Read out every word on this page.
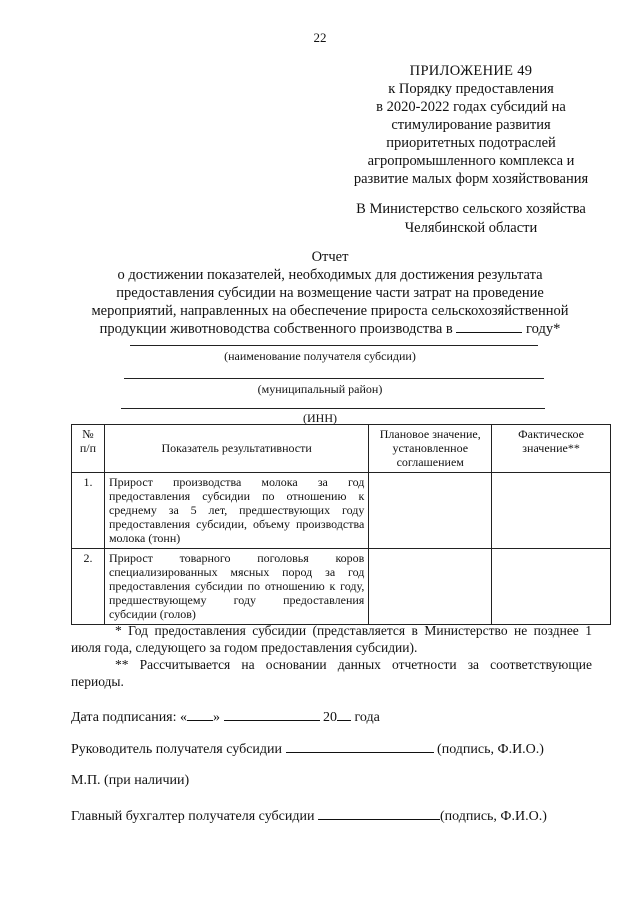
22
ПРИЛОЖЕНИЕ 49
к Порядку предоставления
в 2020-2022 годах субсидий на
стимулирование развития
приоритетных подотраслей
агропромышленного комплекса и
развитие малых форм хозяйствования
В Министерство сельского хозяйства
Челябинской области
Отчет
о достижении показателей, необходимых для достижения результата
предоставления субсидии на возмещение части затрат на проведение
мероприятий, направленных на обеспечение прироста сельскохозяйственной
продукции животноводства собственного производства в	году*
(наименование получателя субсидии)
(муниципальный район)
(ИНН)
№ п/п	Показатель результативности	Плановое значение, установленное соглашением	Фактическое значение**
1.	Прирост производства молока за год предоставления субсидии по отношению к среднему за 5 лет, предшествующих году предоставления субсидии, объему производства молока (тонн)		
2.	Прирост товарного поголовья коров специализированных мясных пород за год предоставления субсидии по отношению к году, предшествующему году предоставления субсидии (голов)		

* Год предоставления субсидии (представляется в Министерство не позднее 1 июля года, следующего за годом предоставления субсидии).

** Рассчитывается на основании данных отчетности за соответствующие периоды.

Дата подписания: « »	20 года
Руководитель получателя субсидии	(подпись, Ф.И.О.)
М.П. (при наличии)
Главный бухгалтер получателя субсидии	(подпись, Ф.И.О.)
